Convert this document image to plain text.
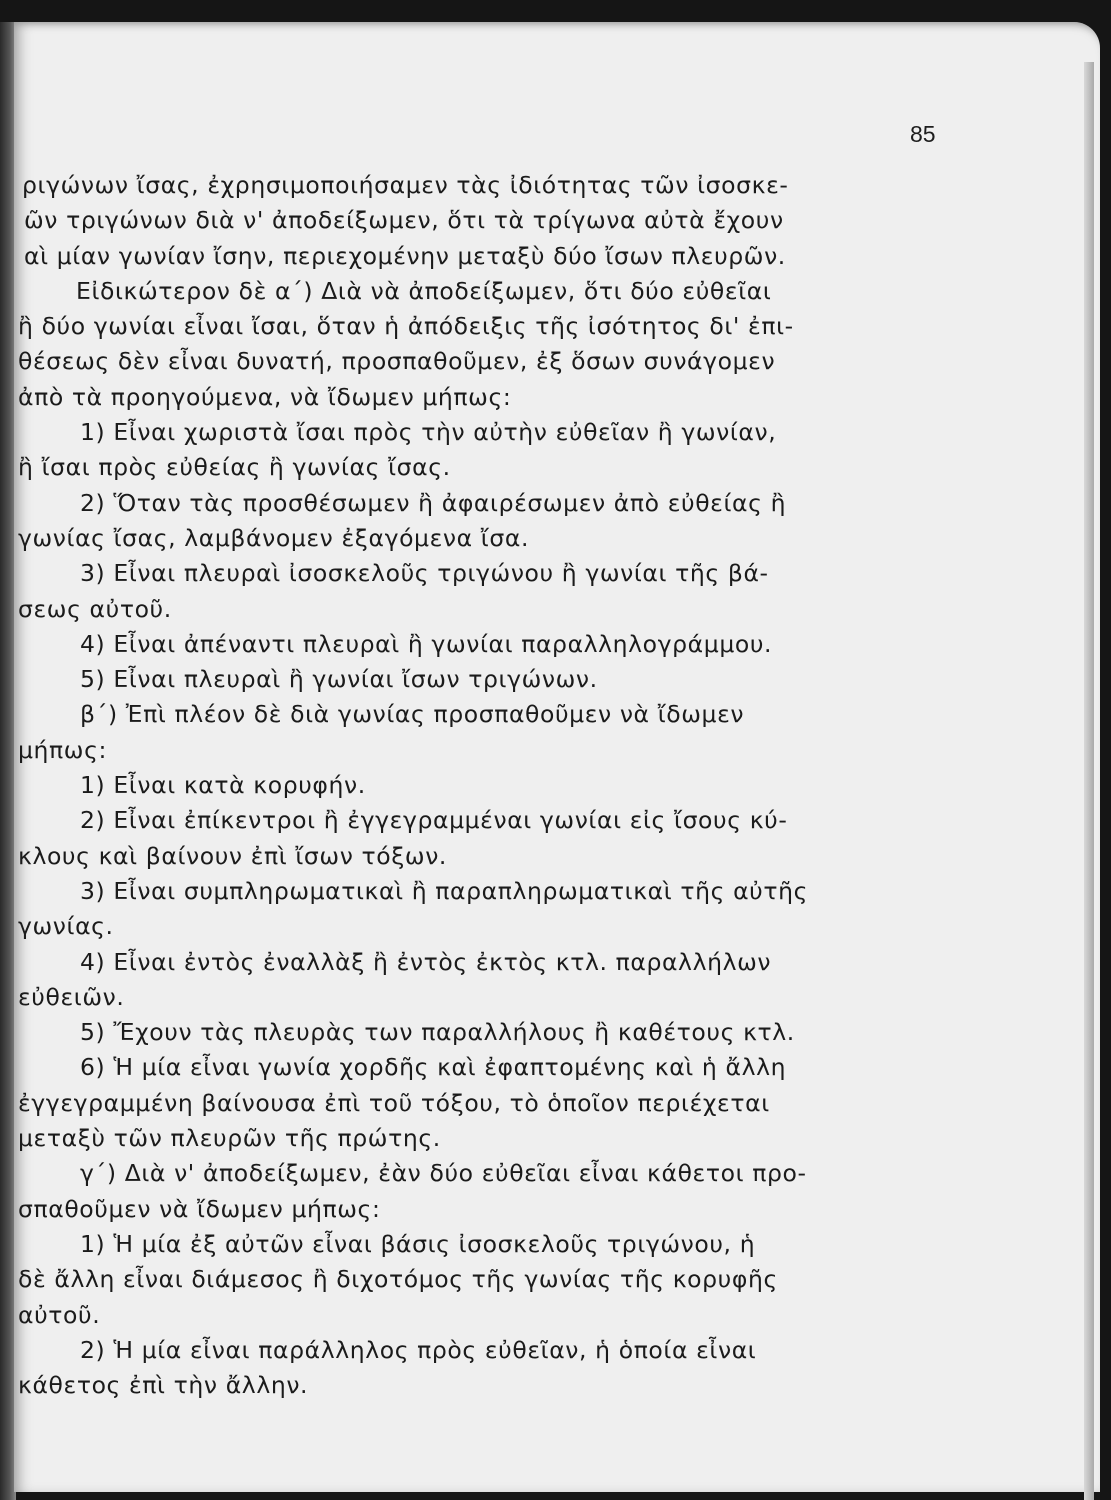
85
ριγώνων ἴσας, ἐχρησιμοποιήσαμεν τὰς ἰδιότητας τῶν ἰσοσκε-
ῶν τριγώνων διὰ ν' ἀποδείξωμεν, ὅτι τὰ τρίγωνα αὐτὰ ἔχουν
αὶ μίαν γωνίαν ἴσην, περιεχομένην μεταξὺ δύο ἴσων πλευρῶν.
Εἰδικώτερον δὲ α΄) Διὰ νὰ ἀποδείξωμεν, ὅτι δύο εὐθεῖαι
ἢ δύο γωνίαι εἶναι ἴσαι, ὅταν ἡ ἀπόδειξις τῆς ἰσότητος δι' ἐπι-
θέσεως δὲν εἶναι δυνατή, προσπαθοῦμεν, ἐξ ὅσων συνάγομεν
ἀπὸ τὰ προηγούμενα, νὰ ἴδωμεν μήπως:
1) Εἶναι χωριστὰ ἴσαι πρὸς τὴν αὐτὴν εὐθεῖαν ἢ γωνίαν,
ἢ ἴσαι πρὸς εὐθείας ἢ γωνίας ἴσας.
2) Ὅταν τὰς προσθέσωμεν ἢ ἀφαιρέσωμεν ἀπὸ εὐθείας ἢ
γωνίας ἴσας, λαμβάνομεν ἐξαγόμενα ἴσα.
3) Εἶναι πλευραὶ ἰσοσκελοῦς τριγώνου ἢ γωνίαι τῆς βά-
σεως αὐτοῦ.
4) Εἶναι ἀπέναντι πλευραὶ ἢ γωνίαι παραλληλογράμμου.
5) Εἶναι πλευραὶ ἢ γωνίαι ἴσων τριγώνων.
β΄) Ἐπὶ πλέον δὲ διὰ γωνίας προσπαθοῦμεν νὰ ἴδωμεν
μήπως:
1) Εἶναι κατὰ κορυφήν.
2) Εἶναι ἐπίκεντροι ἢ ἐγγεγραμμέναι γωνίαι εἰς ἴσους κύ-
κλους καὶ βαίνουν ἐπὶ ἴσων τόξων.
3) Εἶναι συμπληρωματικαὶ ἢ παραπληρωματικαὶ τῆς αὐτῆς
γωνίας.
4) Εἶναι ἐντὸς ἐναλλὰξ ἢ ἐντὸς ἐκτὸς κτλ. παραλλήλων
εὐθειῶν.
5) Ἔχουν τὰς πλευρὰς των παραλλήλους ἢ καθέτους κτλ.
6) Ἡ μία εἶναι γωνία χορδῆς καὶ ἐφαπτομένης καὶ ἡ ἄλλη
ἐγγεγραμμένη βαίνουσα ἐπὶ τοῦ τόξου, τὸ ὁποῖον περιέχεται
μεταξὺ τῶν πλευρῶν τῆς πρώτης.
γ΄) Διὰ ν' ἀποδείξωμεν, ἐὰν δύο εὐθεῖαι εἶναι κάθετοι προ-
σπαθοῦμεν νὰ ἴδωμεν μήπως:
1) Ἡ μία ἐξ αὐτῶν εἶναι βάσις ἰσοσκελοῦς τριγώνου, ἡ
δὲ ἄλλη εἶναι διάμεσος ἢ διχοτόμος τῆς γωνίας τῆς κορυφῆς
αὐτοῦ.
2) Ἡ μία εἶναι παράλληλος πρὸς εὐθεῖαν, ἡ ὁποία εἶναι
κάθετος ἐπὶ τὴν ἄλλην.
